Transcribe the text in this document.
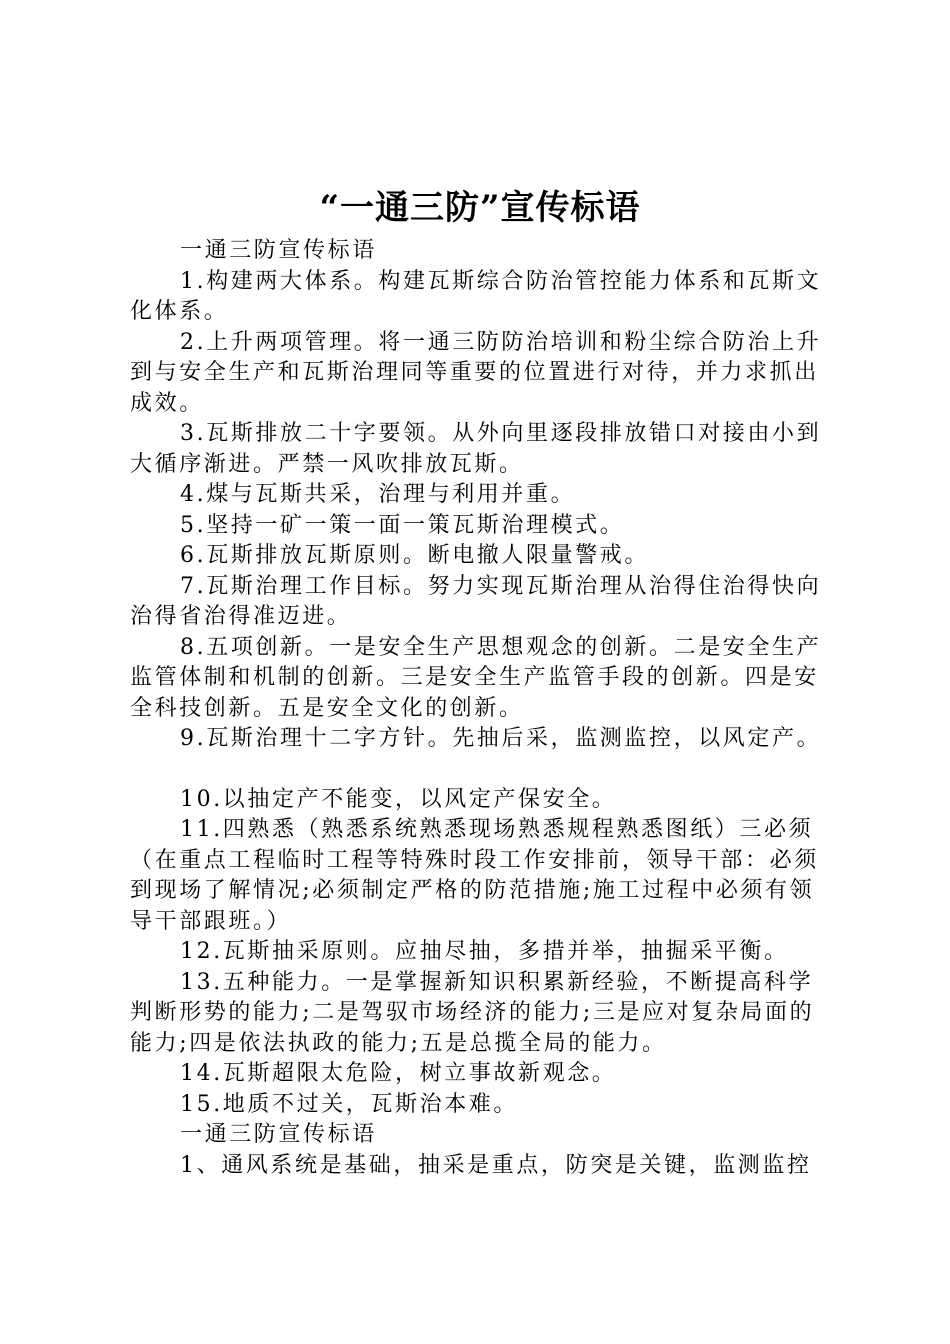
“一通三防”宣传标语

一通三防宣传标语

1.构建两大体系。构建瓦斯综合防治管控能力体系和瓦斯文化体系。

2.上升两项管理。将一通三防防治培训和粉尘综合防治上升到与安全生产和瓦斯治理同等重要的位置进行对待，并力求抓出成效。

3.瓦斯排放二十字要领。从外向里逐段排放错口对接由小到大循序渐进。严禁一风吹排放瓦斯。

4.煤与瓦斯共采，治理与利用并重。

5.坚持一矿一策一面一策瓦斯治理模式。

6.瓦斯排放瓦斯原则。断电撤人限量警戒。

7.瓦斯治理工作目标。努力实现瓦斯治理从治得住治得快向治得省治得准迈进。

8.五项创新。一是安全生产思想观念的创新。二是安全生产监管体制和机制的创新。三是安全生产监管手段的创新。四是安全科技创新。五是安全文化的创新。

9.瓦斯治理十二字方针。先抽后采，监测监控，以风定产。

10.以抽定产不能变，以风定产保安全。

11.四熟悉（熟悉系统熟悉现场熟悉规程熟悉图纸）三必须（在重点工程临时工程等特殊时段工作安排前，领导干部：必须到现场了解情况;必须制定严格的防范措施;施工过程中必须有领导干部跟班。）

12.瓦斯抽采原则。应抽尽抽，多措并举，抽掘采平衡。

13.五种能力。一是掌握新知识积累新经验，不断提高科学判断形势的能力;二是驾驭市场经济的能力;三是应对复杂局面的能力;四是依法执政的能力;五是总揽全局的能力。

14.瓦斯超限太危险，树立事故新观念。

15.地质不过关，瓦斯治本难。

一通三防宣传标语

1、通风系统是基础，抽采是重点，防突是关键，监测监控
